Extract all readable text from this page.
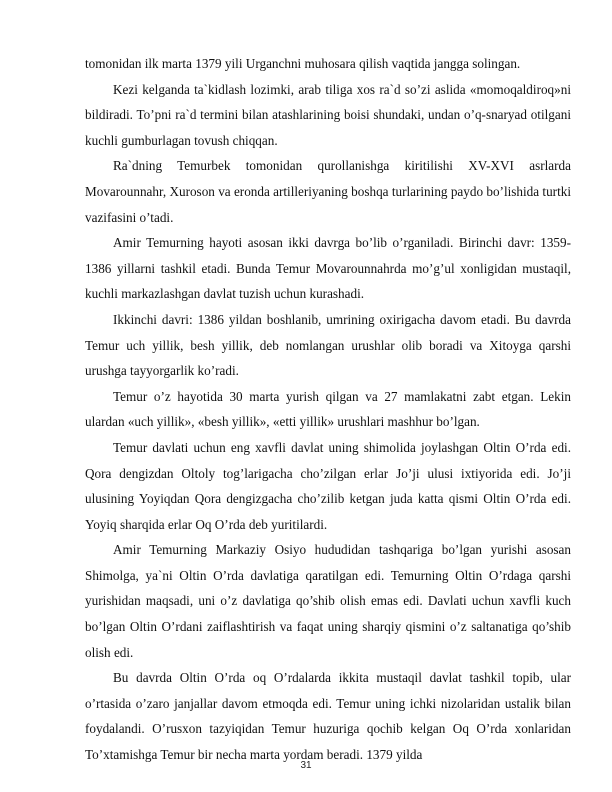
tomonidan ilk marta 1379 yili Urganchni muhosara qilish vaqtida jangga solingan.

Kezi kelganda ta`kidlash lozimki, arab tiliga xos ra`d so’zi aslida «momoqaldiroq»ni bildiradi. To’pni ra`d termini bilan atashlarining boisi shundaki, undan o’q-snaryad otilgani kuchli gumburlagan tovush chiqqan.

Ra`dning Temurbek tomonidan qurollanishga kiritilishi XV-XVI asrlarda Movarounnahr, Xuroson va eronda artilleriyaning boshqa turlarining paydo bo’lishida turtki vazifasini o’tadi.

Amir Temurning hayoti asosan ikki davrga bo’lib o’rganiladi. Birinchi davr: 1359-1386 yillarni tashkil etadi. Bunda Temur Movarounnahrda mo’g’ul xonligidan mustaqil, kuchli markazlashgan davlat tuzish uchun kurashadi.

Ikkinchi davri: 1386 yildan boshlanib, umrining oxirigacha davom etadi. Bu davrda Temur uch yillik, besh yillik, deb nomlangan urushlar olib boradi va Xitoyga qarshi urushga tayyorgarlik ko’radi.

Temur o’z hayotida 30 marta yurish qilgan va 27 mamlakatni zabt etgan. Lekin ulardan «uch yillik», «besh yillik», «etti yillik» urushlari mashhur bo’lgan.

Temur davlati uchun eng xavfli davlat uning shimolida joylashgan Oltin O’rda edi. Qora dengizdan Oltoly tog’larigacha cho’zilgan erlar Jo’ji ulusi ixtiyorida edi. Jo’ji ulusining Yoyiqdan Qora dengizgacha cho’zilib ketgan juda katta qismi Oltin O’rda edi. Yoyiq sharqida erlar Oq O’rda deb yuritilardi.

Amir Temurning Markaziy Osiyo hududidan tashqariga bo’lgan yurishi asosan Shimolga, ya`ni Oltin O’rda davlatiga qaratilgan edi. Temurning Oltin O’rdaga qarshi yurishidan maqsadi, uni o’z davlatiga qo’shib olish emas edi. Davlati uchun xavfli kuch bo’lgan Oltin O’rdani zaiflashtirish va faqat uning sharqiy qismini o’z saltanatiga qo’shib olish edi.

Bu davrda Oltin O’rda oq O’rdalarda ikkita mustaqil davlat tashkil topib, ular o’rtasida o’zaro janjallar davom etmoqda edi. Temur uning ichki nizolaridan ustalik bilan foydalandi. O’rusxon tazyiqidan Temur huzuriga qochib kelgan Oq O’rda xonlaridan To’xtamishga Temur bir necha marta yordam beradi. 1379 yilda

31
